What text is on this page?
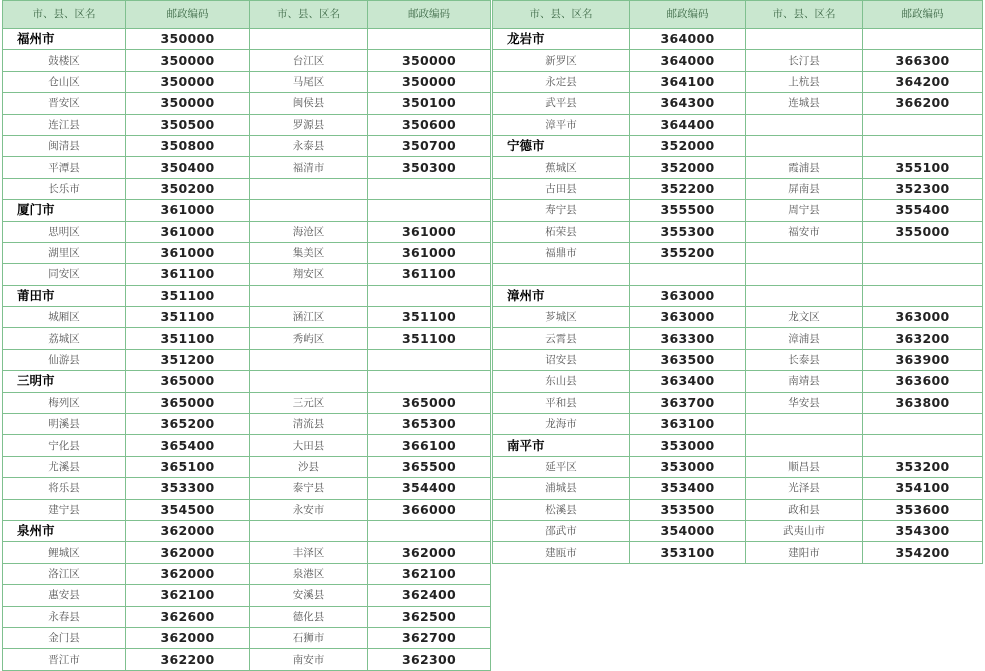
市、县、区名	邮政编码	市、县、区名	邮政编码
福州市	350000		
鼓楼区	350000	台江区	350000
仓山区	350000	马尾区	350000
晋安区	350000	闽侯县	350100
连江县	350500	罗源县	350600
闽清县	350800	永泰县	350700
平潭县	350400	福清市	350300
长乐市	350200		
厦门市	361000		
思明区	361000	海沧区	361000
湖里区	361000	集美区	361000
同安区	361100	翔安区	361100
莆田市	351100		
城厢区	351100	涵江区	351100
荔城区	351100	秀屿区	351100
仙游县	351200		
三明市	365000		
梅列区	365000	三元区	365000
明溪县	365200	清流县	365300
宁化县	365400	大田县	366100
尤溪县	365100	沙县	365500
将乐县	353300	泰宁县	354400
建宁县	354500	永安市	366000
泉州市	362000		
鲤城区	362000	丰泽区	362000
洛江区	362000	泉港区	362100
惠安县	362100	安溪县	362400
永春县	362600	德化县	362500
金门县	362000	石狮市	362700
晋江市	362200	南安市	362300
市、县、区名	邮政编码	市、县、区名	邮政编码
龙岩市	364000		
新罗区	364000	长汀县	366300
永定县	364100	上杭县	364200
武平县	364300	连城县	366200
漳平市	364400		
宁德市	352000		
蕉城区	352000	霞浦县	355100
古田县	352200	屏南县	352300
寿宁县	355500	周宁县	355400
柘荣县	355300	福安市	355000
福鼎市	355200		

漳州市	363000		
芗城区	363000	龙文区	363000
云霄县	363300	漳浦县	363200
诏安县	363500	长泰县	363900
东山县	363400	南靖县	363600
平和县	363700	华安县	363800
龙海市	363100		
南平市	353000		
延平区	353000	顺昌县	353200
浦城县	353400	光泽县	354100
松溪县	353500	政和县	353600
邵武市	354000	武夷山市	354300
建瓯市	353100	建阳市	354200
